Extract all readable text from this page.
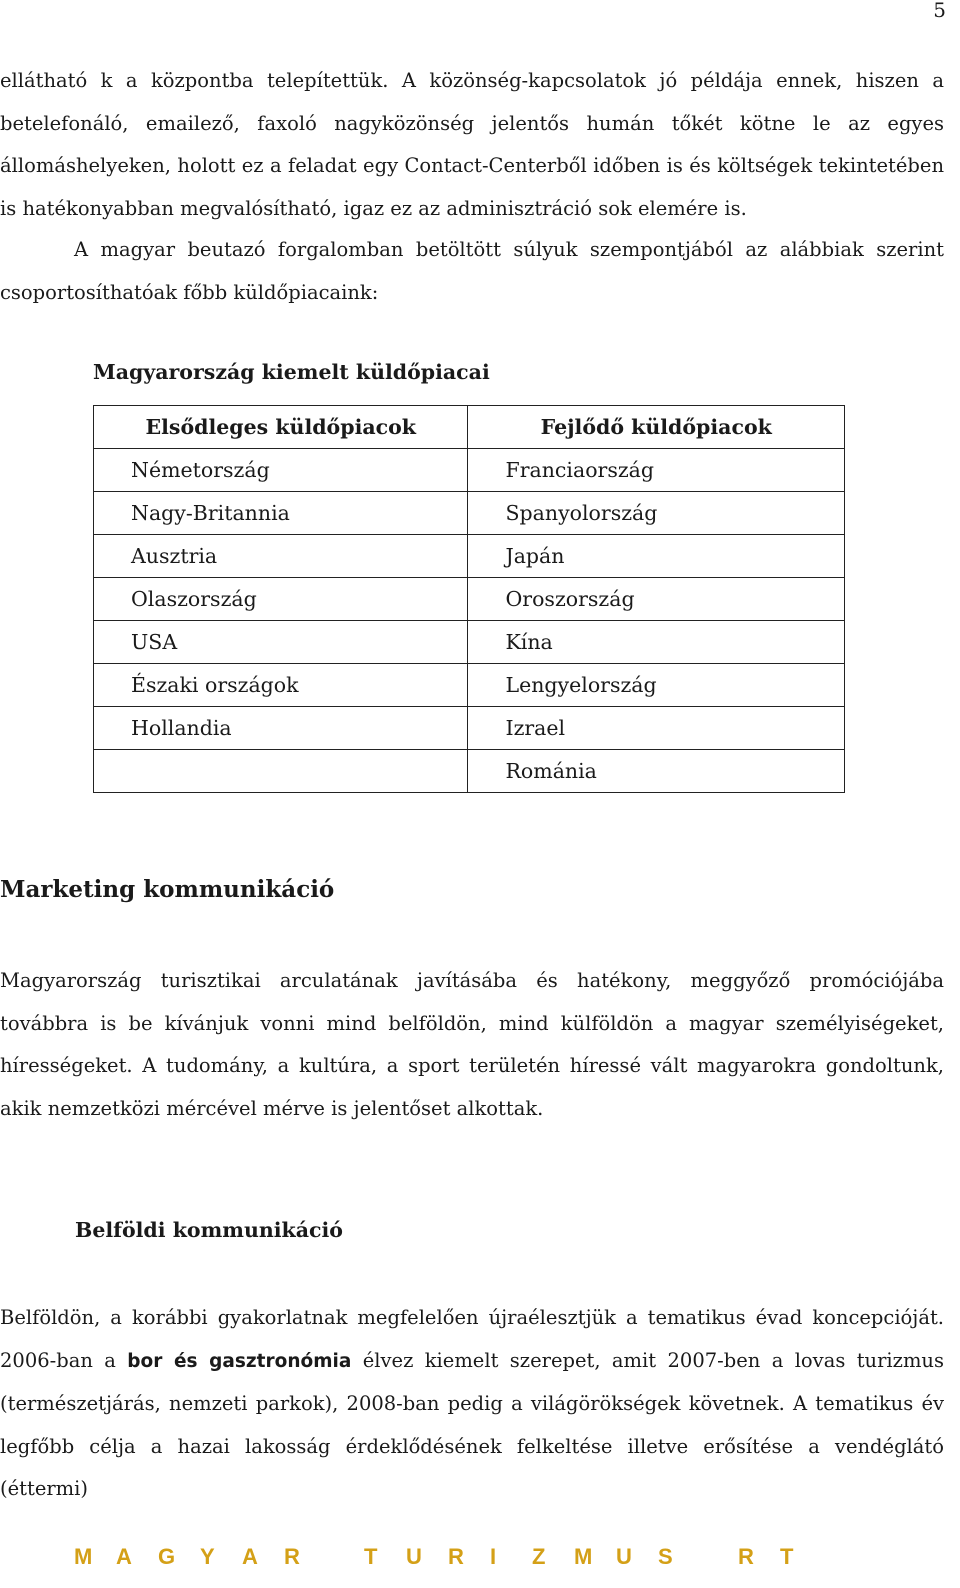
5

ellátható k a központba telepítettük. A közönség-kapcsolatok jó példája ennek, hiszen a betelefonáló, emailező, faxoló nagyközönség jelentős humán tőkét kötne le az egyes állomáshelyeken, holott ez a feladat egy Contact-Centerből időben is és költségek tekintetében is hatékonyabban megvalósítható, igaz ez az adminisztráció sok elemére is.

A magyar beutazó forgalomban betöltött súlyuk szempontjából az alábbiak szerint csoportosíthatóak főbb küldőpiacaink:

Magyarország kiemelt küldőpiacai

Elsődleges küldőpiacok	Fejlődő küldőpiacok
Németország	Franciaország
Nagy-Britannia	Spanyolország
Ausztria	Japán
Olaszország	Oroszország
USA	Kína
Északi országok	Lengyelország
Hollandia	Izrael
	Románia
Marketing kommunikáció

Magyarország turisztikai arculatának javításába és hatékony, meggyőző promóciójába továbbra is be kívánjuk vonni mind belföldön, mind külföldön a magyar személyiségeket, hírességeket. A tudomány, a kultúra, a sport területén híressé vált magyarokra gondoltunk, akik nemzetközi mércével mérve is jelentőset alkottak.

Belföldi kommunikáció

Belföldön, a korábbi gyakorlatnak megfelelően újraélesztjük a tematikus évad koncepcióját. 2006-ban a bor és gasztronómia élvez kiemelt szerepet, amit 2007-ben a lovas turizmus (természetjárás, nemzeti parkok), 2008-ban pedig a világörökségek követnek. A tematikus év legfőbb célja a hazai lakosság érdeklődésének felkeltése illetve erősítése a vendéglátó (éttermi)

M A G Y A R	T U R I Z M U S	R T
